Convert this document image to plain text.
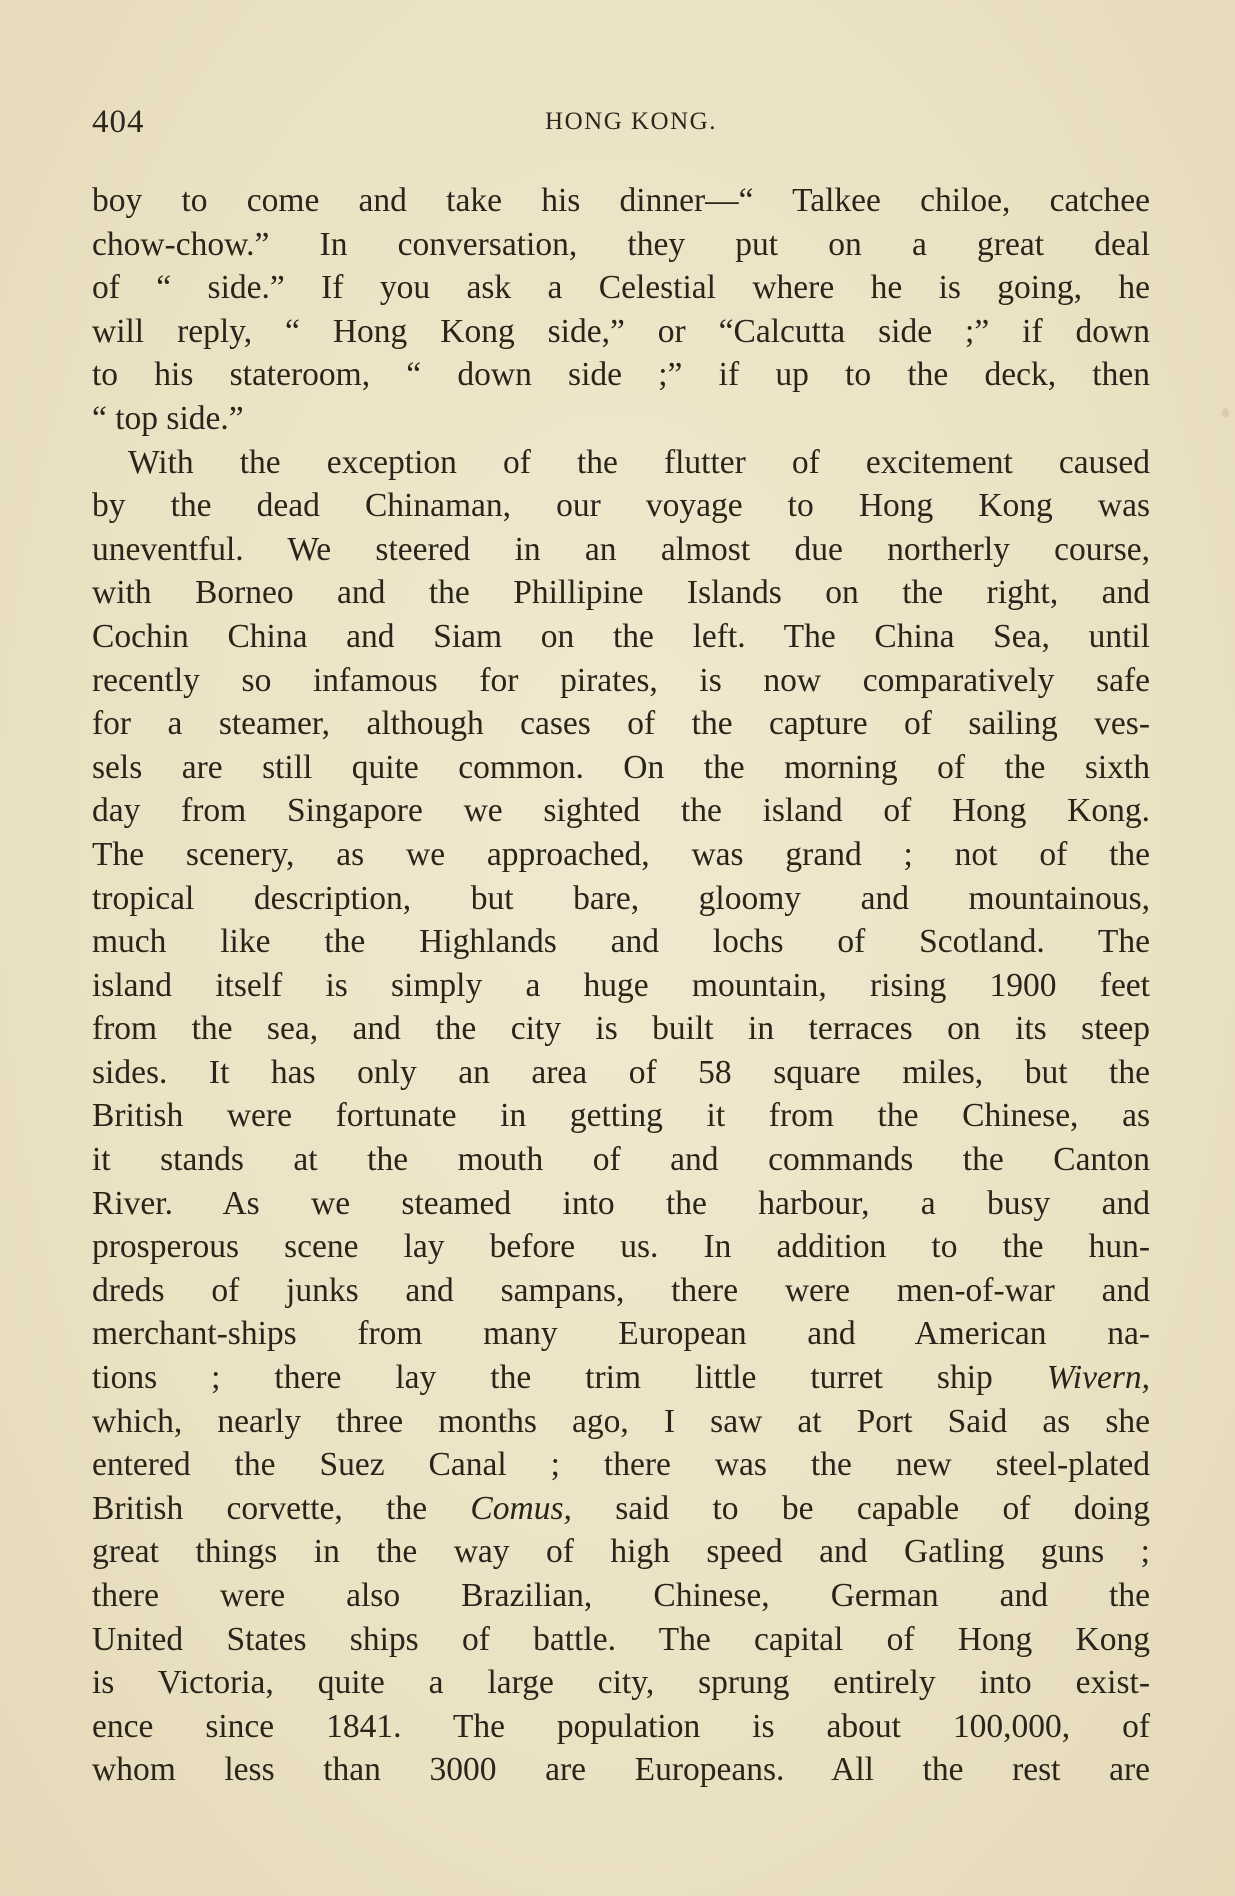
404	HONG KONG.
boy to come and take his dinner—“ Talkee chiloe, catchee
chow-chow.” In conversation, they put on a great deal
of “ side.” If you ask a Celestial where he is going, he
will reply, “ Hong Kong side,” or “Calcutta side ;” if down
to his stateroom, “ down side ;” if up to the deck, then
“ top side.”
With the exception of the flutter of excitement caused
by the dead Chinaman, our voyage to Hong Kong was
uneventful. We steered in an almost due northerly course,
with Borneo and the Phillipine Islands on the right, and
Cochin China and Siam on the left. The China Sea, until
recently so infamous for pirates, is now comparatively safe
for a steamer, although cases of the capture of sailing ves-
sels are still quite common. On the morning of the sixth
day from Singapore we sighted the island of Hong Kong.
The scenery, as we approached, was grand ; not of the
tropical description, but bare, gloomy and mountainous,
much like the Highlands and lochs of Scotland. The
island itself is simply a huge mountain, rising 1900 feet
from the sea, and the city is built in terraces on its steep
sides. It has only an area of 58 square miles, but the
British were fortunate in getting it from the Chinese, as
it stands at the mouth of and commands the Canton
River. As we steamed into the harbour, a busy and
prosperous scene lay before us. In addition to the hun-
dreds of junks and sampans, there were men-of-war and
merchant-ships from many European and American na-
tions ; there lay the trim little turret ship Wivern,
which, nearly three months ago, I saw at Port Said as she
entered the Suez Canal ; there was the new steel-plated
British corvette, the Comus, said to be capable of doing
great things in the way of high speed and Gatling guns ;
there were also Brazilian, Chinese, German and the
United States ships of battle. The capital of Hong Kong
is Victoria, quite a large city, sprung entirely into exist-
ence since 1841. The population is about 100,000, of
whom less than 3000 are Europeans. All the rest are
